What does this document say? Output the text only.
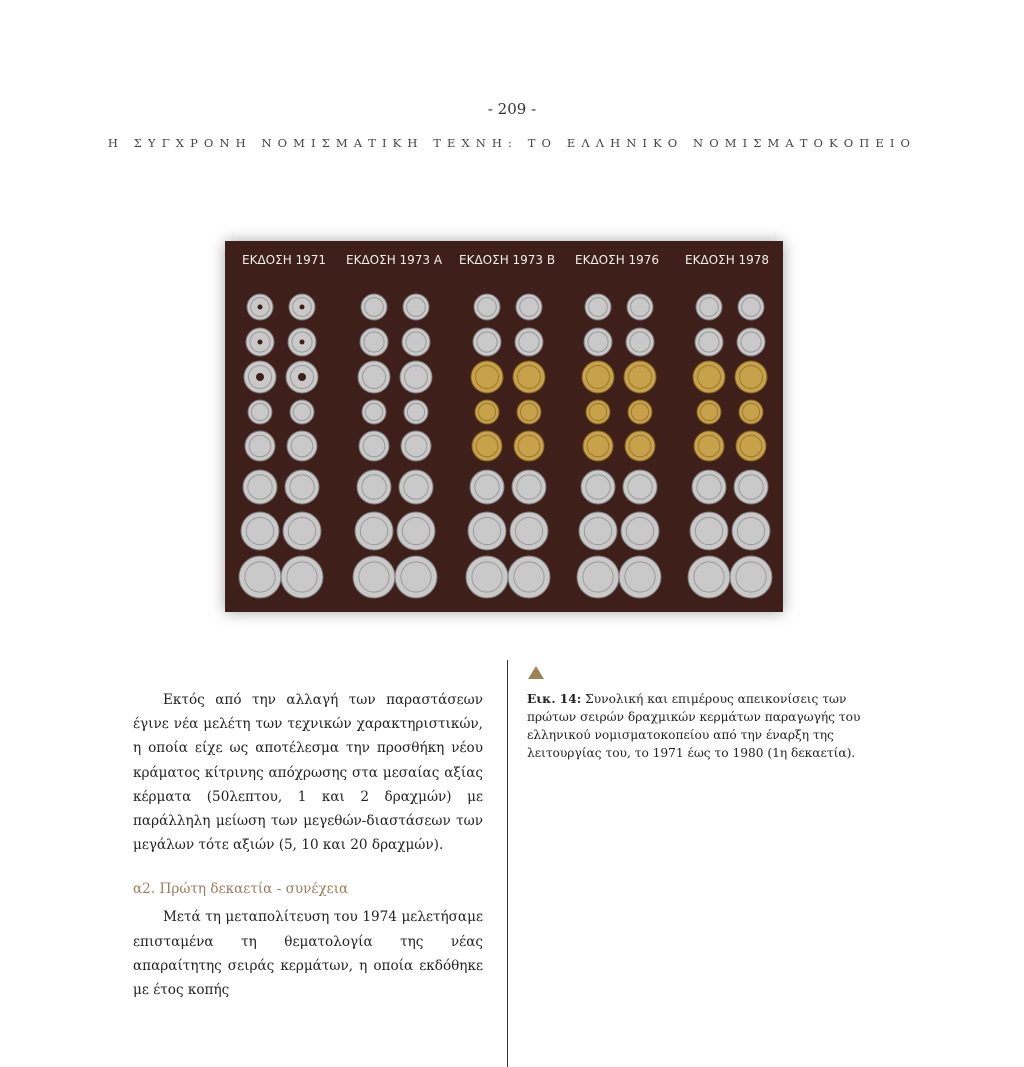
- 209 -
Η ΣΥΓΧΡΟΝΗ ΝΟΜΙΣΜΑΤΙΚΗ ΤΕΧΝΗ: ΤΟ ΕΛΛΗΝΙΚΟ ΝΟΜΙΣΜΑΤΟΚΟΠΕΙΟ
ΕΚΔΟΣΗ 1971 ΕΚΔΟΣΗ 1973 Α ΕΚΔΟΣΗ 1973 Β ΕΚΔΟΣΗ 1976 ΕΚΔΟΣΗ 1978

Εκτός από την αλλαγή των παραστάσεων έγινε νέα μελέτη των τεχνικών χαρακτηριστικών, η οποία είχε ως αποτέλεσμα την προσθήκη νέου κράματος κίτρινης απόχρωσης στα μεσαίας αξίας κέρματα (50λεπτου, 1 και 2 δραχμών) με παράλληλη μείωση των μεγεθών-διαστάσεων των μεγάλων τότε αξιών (5, 10 και 20 δραχμών).

α2. Πρώτη δεκαετία - συνέχεια

Μετά τη μεταπολίτευση του 1974 μελετήσαμε επισταμένα τη θεματολογία της νέας απαραίτητης σειράς κερμάτων, η οποία εκδόθηκε με έτος κοπής

Εικ. 14: Συνολική και επιμέρους απεικονίσεις των πρώτων σειρών δραχμικών κερμάτων παραγωγής του ελληνικού νομισματοκοπείου από την έναρξη της λειτουργίας του, το 1971 έως το 1980 (1η δεκαετία).
